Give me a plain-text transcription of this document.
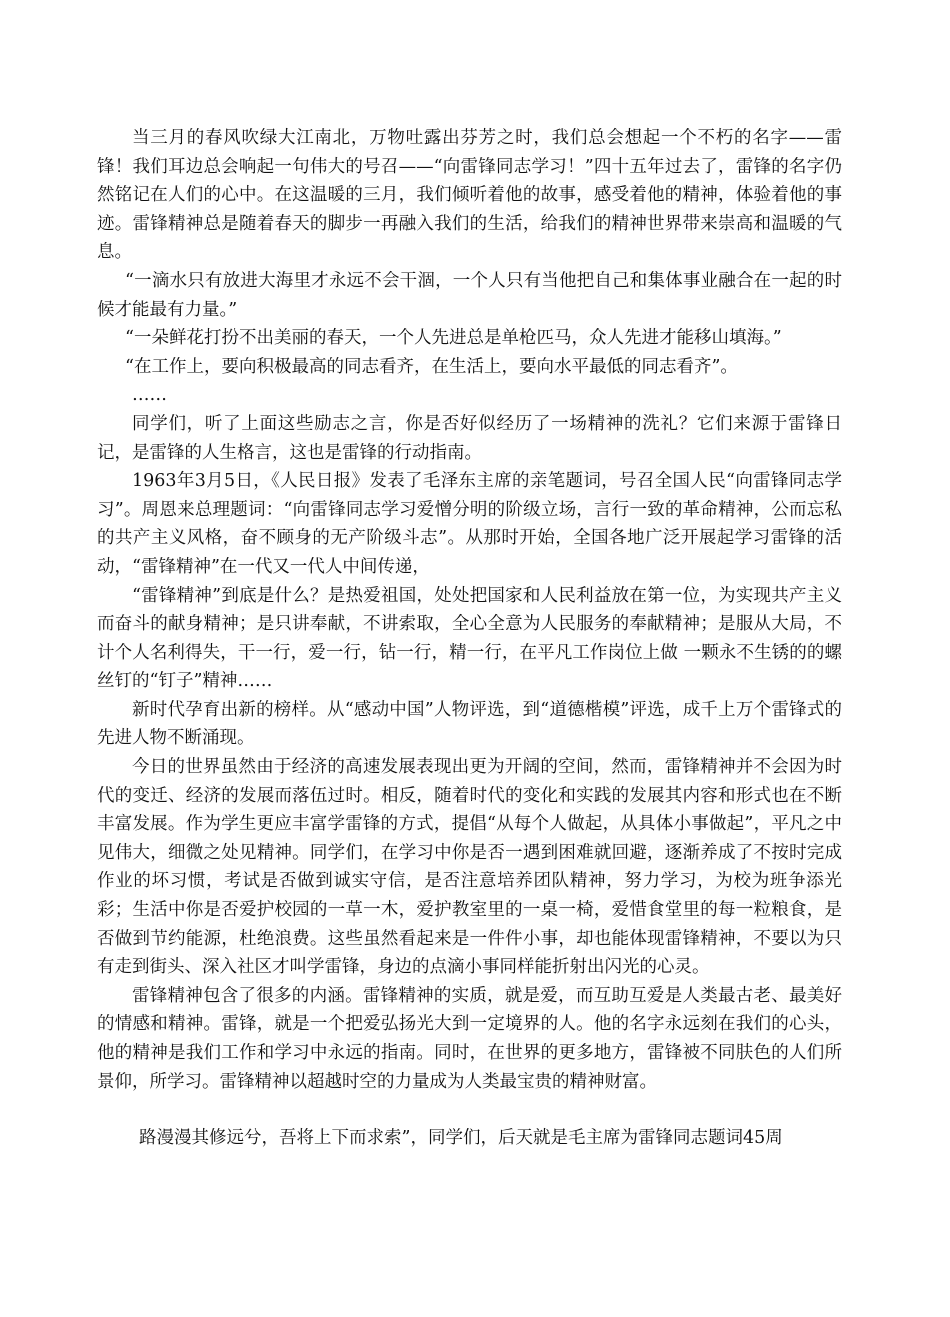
当三月的春风吹绿大江南北，万物吐露出芬芳之时，我们总会想起一个不朽的名字——雷锋！我们耳边总会响起一句伟大的号召——“向雷锋同志学习！”四十五年过去了，雷锋的名字仍然铭记在人们的心中。在这温暖的三月，我们倾听着他的故事，感受着他的精神，体验着他的事迹。雷锋精神总是随着春天的脚步一再融入我们的生活，给我们的精神世界带来崇高和温暖的气息。

“一滴水只有放进大海里才永远不会干涸，一个人只有当他把自己和集体事业融合在一起的时候才能最有力量。”

“一朵鲜花打扮不出美丽的春天，一个人先进总是单枪匹马，众人先进才能移山填海。”

“在工作上，要向积极最高的同志看齐，在生活上，要向水平最低的同志看齐”。

……

同学们，听了上面这些励志之言，你是否好似经历了一场精神的洗礼？它们来源于雷锋日记，是雷锋的人生格言，这也是雷锋的行动指南。

1963年3月5日，《人民日报》发表了毛泽东主席的亲笔题词，号召全国人民“向雷锋同志学习”。周恩来总理题词：“向雷锋同志学习爱憎分明的阶级立场，言行一致的革命精神，公而忘私的共产主义风格，奋不顾身的无产阶级斗志”。从那时开始，全国各地广泛开展起学习雷锋的活动，“雷锋精神”在一代又一代人中间传递，

“雷锋精神”到底是什么？是热爱祖国，处处把国家和人民利益放在第一位，为实现共产主义而奋斗的献身精神；是只讲奉献，不讲索取，全心全意为人民服务的奉献精神；是服从大局，不计个人名利得失，干一行，爱一行，钻一行，精一行，在平凡工作岗位上做 一颗永不生锈的的螺丝钉的“钉子”精神……

新时代孕育出新的榜样。从“感动中国”人物评选，到“道德楷模”评选，成千上万个雷锋式的先进人物不断涌现。

今日的世界虽然由于经济的高速发展表现出更为开阔的空间，然而，雷锋精神并不会因为时代的变迁、经济的发展而落伍过时。相反，随着时代的变化和实践的发展其内容和形式也在不断丰富发展。作为学生更应丰富学雷锋的方式，提倡“从每个人做起，从具体小事做起”，平凡之中见伟大，细微之处见精神。同学们，在学习中你是否一遇到困难就回避，逐渐养成了不按时完成作业的坏习惯，考试是否做到诚实守信，是否注意培养团队精神，努力学习，为校为班争添光彩；生活中你是否爱护校园的一草一木，爱护教室里的一桌一椅，爱惜食堂里的每一粒粮食，是否做到节约能源，杜绝浪费。这些虽然看起来是一件件小事，却也能体现雷锋精神，不要以为只有走到街头、深入社区才叫学雷锋，身边的点滴小事同样能折射出闪光的心灵。

雷锋精神包含了很多的内涵。雷锋精神的实质，就是爱，而互助互爱是人类最古老、最美好的情感和精神。雷锋，就是一个把爱弘扬光大到一定境界的人。他的名字永远刻在我们的心头，他的精神是我们工作和学习中永远的指南。同时，在世界的更多地方，雷锋被不同肤色的人们所景仰，所学习。雷锋精神以超越时空的力量成为人类最宝贵的精神财富。

路漫漫其修远兮，吾将上下而求索”，同学们，后天就是毛主席为雷锋同志题词45周
